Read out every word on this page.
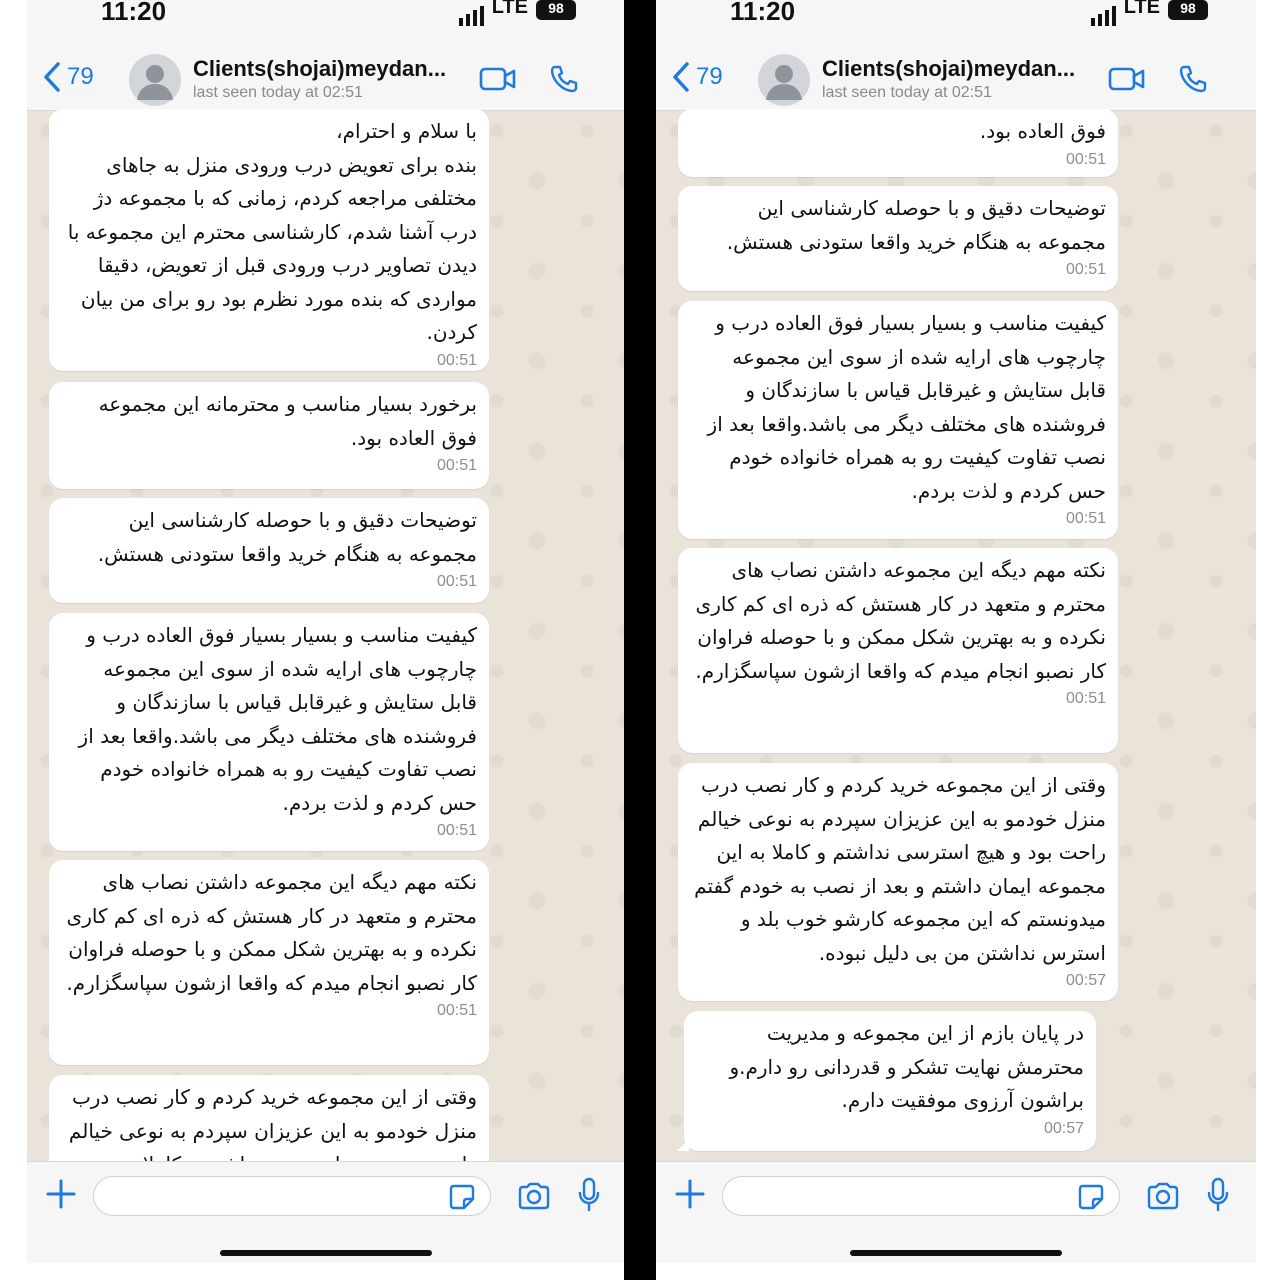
11:20	LTE	98
79	Clients(shojai)meydan...
last seen today at 02:51
با سلام و احترام،
بنده برای تعویض درب ورودی منزل به جاهای مختلفی مراجعه کردم، زمانی که با مجموعه دژ درب آشنا شدم، کارشناسی محترم این مجموعه با دیدن تصاویر درب ورودی قبل از تعویض، دقیقا مواردی که بنده مورد نظرم بود رو برای من بیان کردن.
00:51
برخورد بسیار مناسب و محترمانه این مجموعه فوق العاده بود.
00:51
توضیحات دقیق و با حوصله کارشناسی این مجموعه به هنگام خرید واقعا ستودنی هستش.
00:51
کیفیت مناسب و بسیار بسیار فوق العاده درب و چارچوب های ارایه شده از سوی این مجموعه قابل ستایش و غیرقابل قیاس با سازندگان و فروشنده های مختلف دیگر می باشد.واقعا بعد از نصب تفاوت کیفیت رو به همراه خانواده خودم حس کردم و لذت بردم.
00:51
نکته مهم دیگه این مجموعه داشتن نصاب های محترم و متعهد در کار هستش که ذره ای کم کاری نکرده و به بهترین شکل ممکن و با حوصله فراوان کار نصبو انجام میدم که واقعا ازشون سپاسگزارم.
00:51
وقتی از این مجموعه خرید کردم و کار نصب درب منزل خودمو به این عزیزان سپردم به نوعی خیالم
11:20	LTE	98
79	Clients(shojai)meydan...
last seen today at 02:51
فوق العاده بود.
00:51
توضیحات دقیق و با حوصله کارشناسی این مجموعه به هنگام خرید واقعا ستودنی هستش.
00:51
کیفیت مناسب و بسیار بسیار فوق العاده درب و چارچوب های ارایه شده از سوی این مجموعه قابل ستایش و غیرقابل قیاس با سازندگان و فروشنده های مختلف دیگر می باشد.واقعا بعد از نصب تفاوت کیفیت رو به همراه خانواده خودم حس کردم و لذت بردم.
00:51
نکته مهم دیگه این مجموعه داشتن نصاب های محترم و متعهد در کار هستش که ذره ای کم کاری نکرده و به بهترین شکل ممکن و با حوصله فراوان کار نصبو انجام میدم که واقعا ازشون سپاسگزارم.
00:51
وقتی از این مجموعه خرید کردم و کار نصب درب منزل خودمو به این عزیزان سپردم به نوعی خیالم راحت بود و هیچ استرسی نداشتم و کاملا به این مجموعه ایمان داشتم و بعد از نصب به خودم گفتم میدونستم که این مجموعه کارشو خوب بلد و استرس نداشتن من بی دلیل نبوده.
00:57
در پایان بازم از این مجموعه و مدیریت محترمش نهایت تشکر و قدردانی رو دارم.و براشون آرزوی موفقیت دارم.
00:57
